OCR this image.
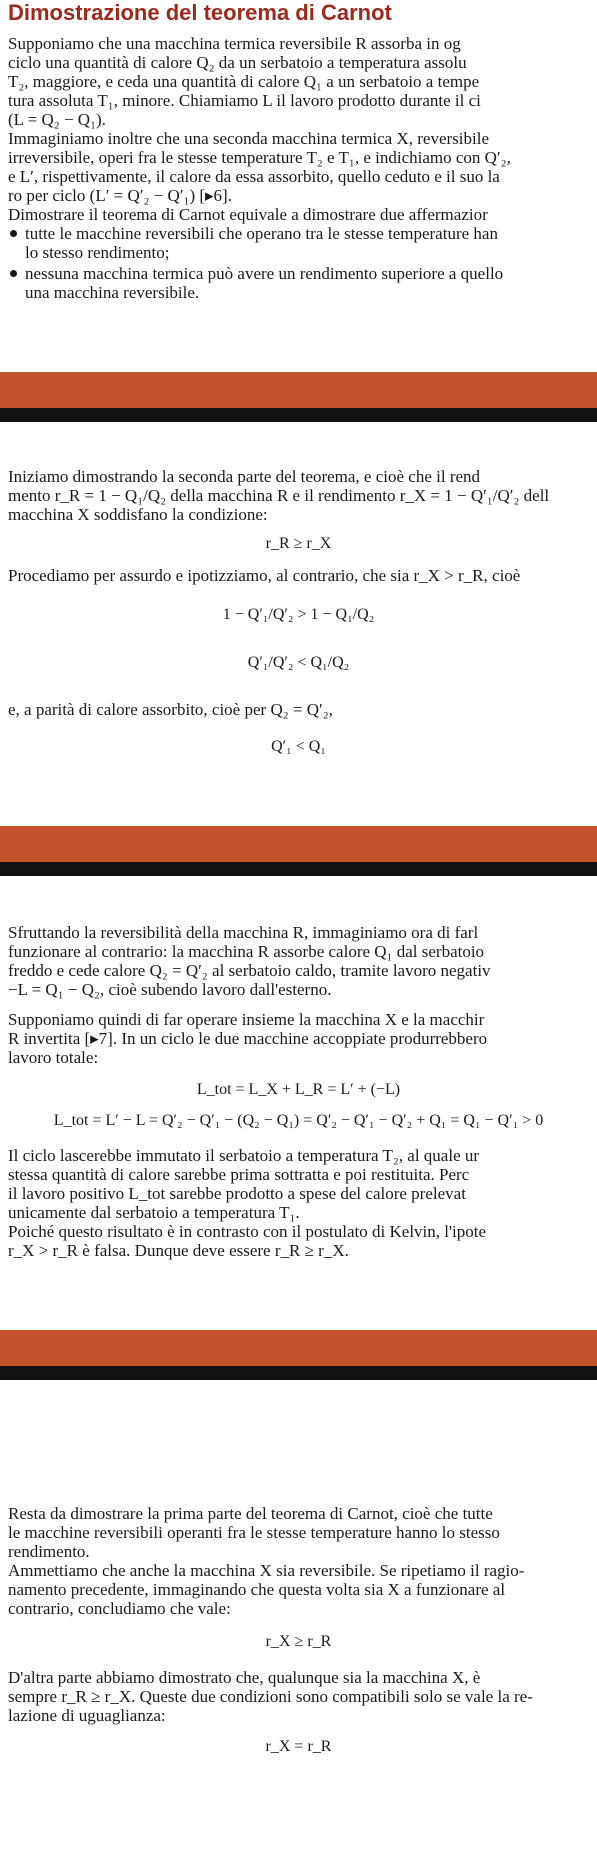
Dimostrazione del teorema di Carnot
Supponiamo che una macchina termica reversibile R assorba in og
ciclo una quantità di calore Q₂ da un serbatoio a temperatura assolu
T₂, maggiore, e ceda una quantità di calore Q₁ a un serbatoio a tempe
tura assoluta T₁, minore. Chiamiamo L il lavoro prodotto durante il ci
(L = Q₂ − Q₁).
Immaginiamo inoltre che una seconda macchina termica X, reversibile
irreversibile, operi fra le stesse temperature T₂ e T₁, e indichiamo con Q′₂,
e L′, rispettivamente, il calore da essa assorbito, quello ceduto e il suo la
ro per ciclo (L′ = Q′₂ − Q′₁) [▸6].
Dimostrare il teorema di Carnot equivale a dimostrare due affermazior
tutte le macchine reversibili che operano tra le stesse temperature han
lo stesso rendimento;
nessuna macchina termica può avere un rendimento superiore a quello
una macchina reversibile.
Iniziamo dimostrando la seconda parte del teorema, e cioè che il rend
mento r_R = 1 − Q₁/Q₂ della macchina R e il rendimento r_X = 1 − Q′₁/Q′₂ dell
macchina X soddisfano la condizione:
r_R ≥ r_X
Procediamo per assurdo e ipotizziamo, al contrario, che sia r_X > r_R, cioè
1 − Q′₁/Q′₂ > 1 − Q₁/Q₂
Q′₁/Q′₂ < Q₁/Q₂
e, a parità di calore assorbito, cioè per Q₂ = Q′₂,
Q′₁ < Q₁
Sfruttando la reversibilità della macchina R, immaginiamo ora di farl
funzionare al contrario: la macchina R assorbe calore Q₁ dal serbatoio
freddo e cede calore Q₂ = Q′₂ al serbatoio caldo, tramite lavoro negativ
−L = Q₁ − Q₂, cioè subendo lavoro dall'esterno.
Supponiamo quindi di far operare insieme la macchina X e la macchir
R invertita [▸7]. In un ciclo le due macchine accoppiate produrrebbero
lavoro totale:
L_tot = L_X + L_R = L′ + (−L)
L_tot = L′ − L = Q′₂ − Q′₁ − (Q₂ − Q₁) = Q′₂ − Q′₁ − Q′₂ + Q₁ = Q₁ − Q′₁ > 0
Il ciclo lascerebbe immutato il serbatoio a temperatura T₂, al quale ur
stessa quantità di calore sarebbe prima sottratta e poi restituita. Perc
il lavoro positivo L_tot sarebbe prodotto a spese del calore prelevat
unicamente dal serbatoio a temperatura T₁.
Poiché questo risultato è in contrasto con il postulato di Kelvin, l'ipote
r_X > r_R è falsa. Dunque deve essere r_R ≥ r_X.
Resta da dimostrare la prima parte del teorema di Carnot, cioè che tutte
le macchine reversibili operanti fra le stesse temperature hanno lo stesso
rendimento.
Ammettiamo che anche la macchina X sia reversibile. Se ripetiamo il ragio-
namento precedente, immaginando che questa volta sia X a funzionare al
contrario, concludiamo che vale:
r_X ≥ r_R
D'altra parte abbiamo dimostrato che, qualunque sia la macchina X, è
sempre r_R ≥ r_X. Queste due condizioni sono compatibili solo se vale la re-
lazione di uguaglianza:
r_X = r_R
